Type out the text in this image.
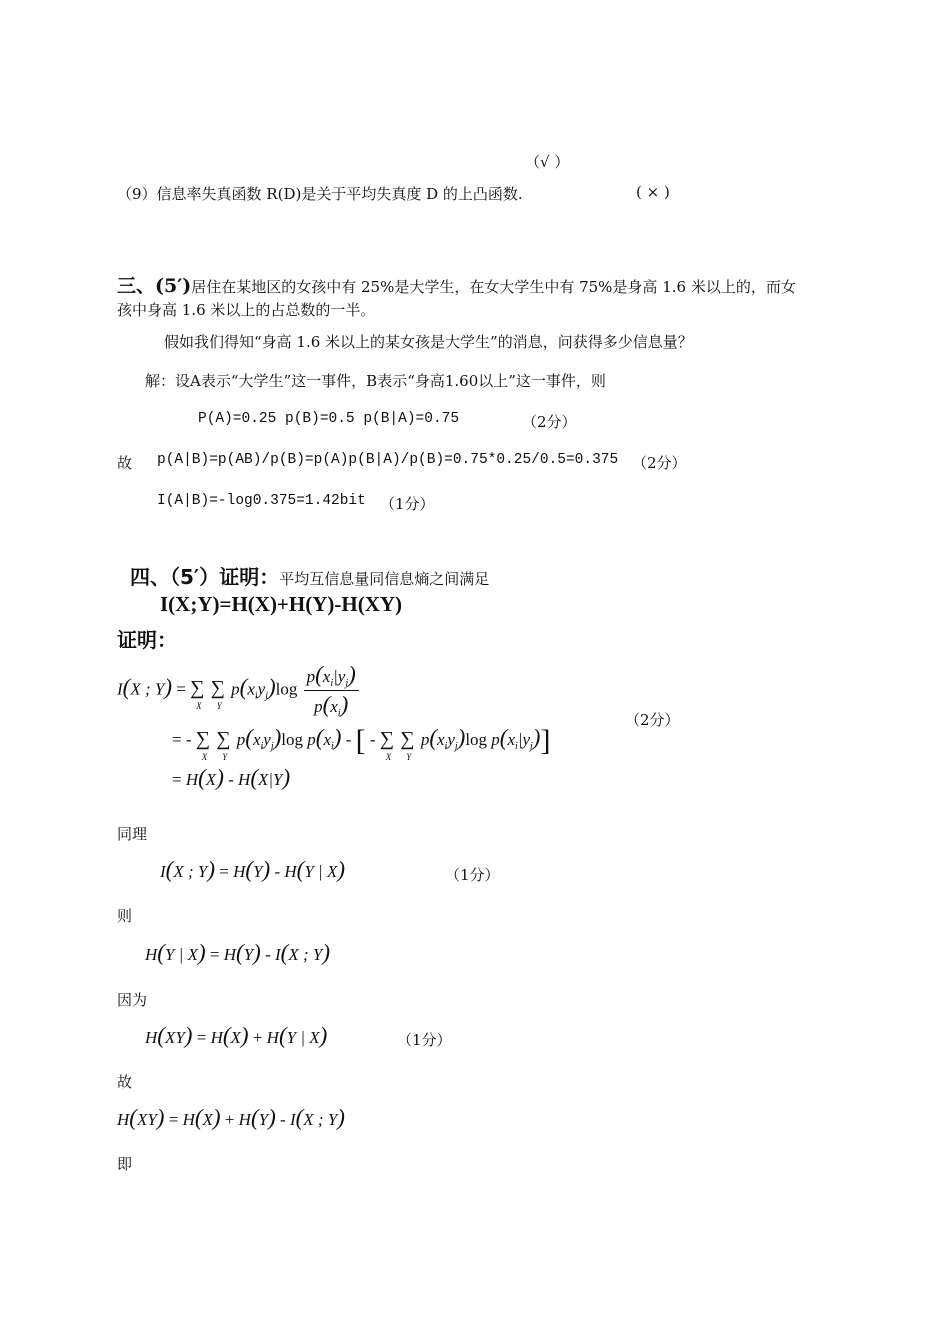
（√ ）
（9）信息率失真函数 R(D)是关于平均失真度 D 的上凸函数.	( × )
三、(5′)居住在某地区的女孩中有 25%是大学生，在女大学生中有 75%是身高 1.6 米以上的，而女
孩中身高 1.6 米以上的占总数的一半。
假如我们得知“身高 1.6 米以上的某女孩是大学生”的消息，问获得多少信息量？
解：设A表示“大学生”这一事件，B表示“身高1.60以上”这一事件，则
P(A)=0.25 p(B)=0.5 p(B|A)=0.75	（2分）
故 p(A|B)=p(AB)/p(B)=p(A)p(B|A)/p(B)=0.75*0.25/0.5=0.375 （2分）
I(A|B)=-log0.375=1.42bit （1分）
四、（5′）证明：平均互信息量同信息熵之间满足
I(X;Y)=H(X)+H(Y)-H(XY)
证明：
I(X ; Y) = ∑
X
∑
Y
$p(x_iy_j)\log \frac{p(x_i|y_j)}{p(x_i)}$
（2分）
= - ∑
X
∑
Y
$p(x_iy_j)\log$ $p(x_i)$ - [ - ∑
X
∑
Y
$p(x_iy_j)\log$ $p(x_i|y_j)$]
= H(X) - H(X|Y)
同理
I(X ; Y) = H(Y) - H(Y | X)	（1分）
则
H(Y | X) = H(Y) - I(X ; Y)
因为
H(XY) = H(X) + H(Y | X)	（1分）
故
H(XY) = H(X) + H(Y) - I(X ; Y)
即
